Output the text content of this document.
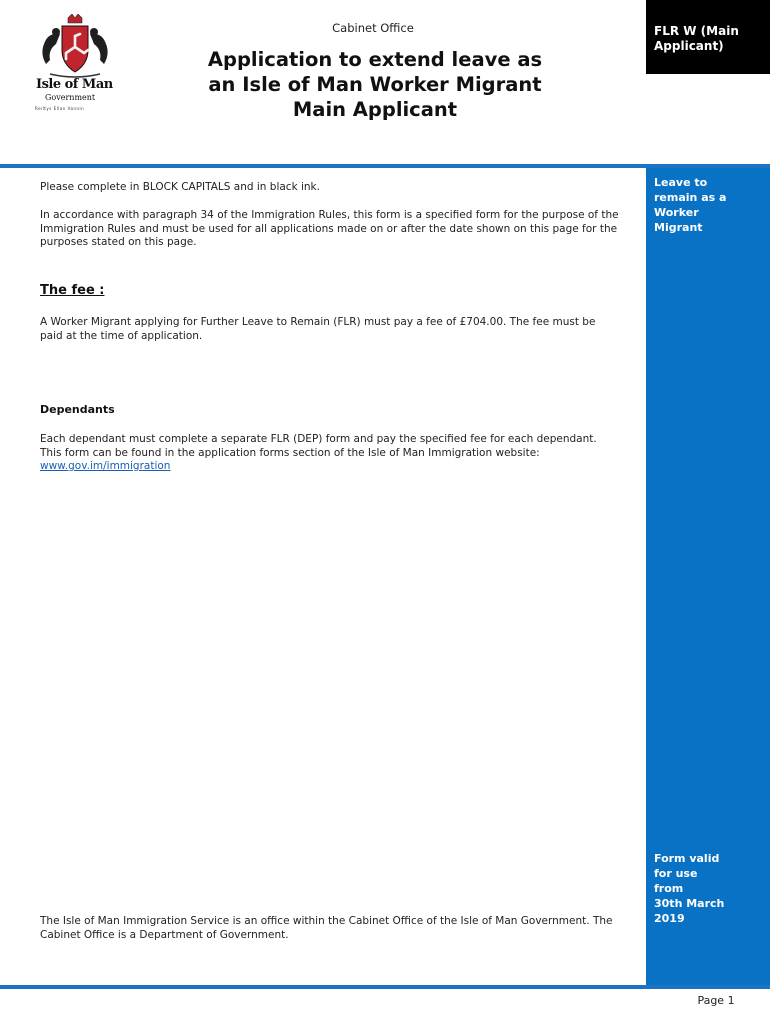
Isle of Man
Government
Reiltys Ellan Vannin
Cabinet Office
Application to extend leave as
an Isle of Man Worker Migrant
Main Applicant
FLR W (Main
Applicant)
Leave to
remain as a
Worker
Migrant
Form valid
for use
from
30th March
2019
Please complete in BLOCK CAPITALS and in black ink.
In accordance with paragraph 34 of the Immigration Rules, this form is a specified form for the purpose of the Immigration Rules and must be used for all applications made on or after the date shown on this page for the purposes stated on this page.
The fee :
A Worker Migrant applying for Further Leave to Remain (FLR) must pay a fee of £704.00. The fee must be paid at the time of application.
Dependants
Each dependant must complete a separate FLR (DEP) form and pay the specified fee for each dependant. This form can be found in the application forms section of the Isle of Man Immigration website: www.gov.im/immigration
The Isle of Man Immigration Service is an office within the Cabinet Office of the Isle of Man Government. The Cabinet Office is a Department of Government.
Page 1
